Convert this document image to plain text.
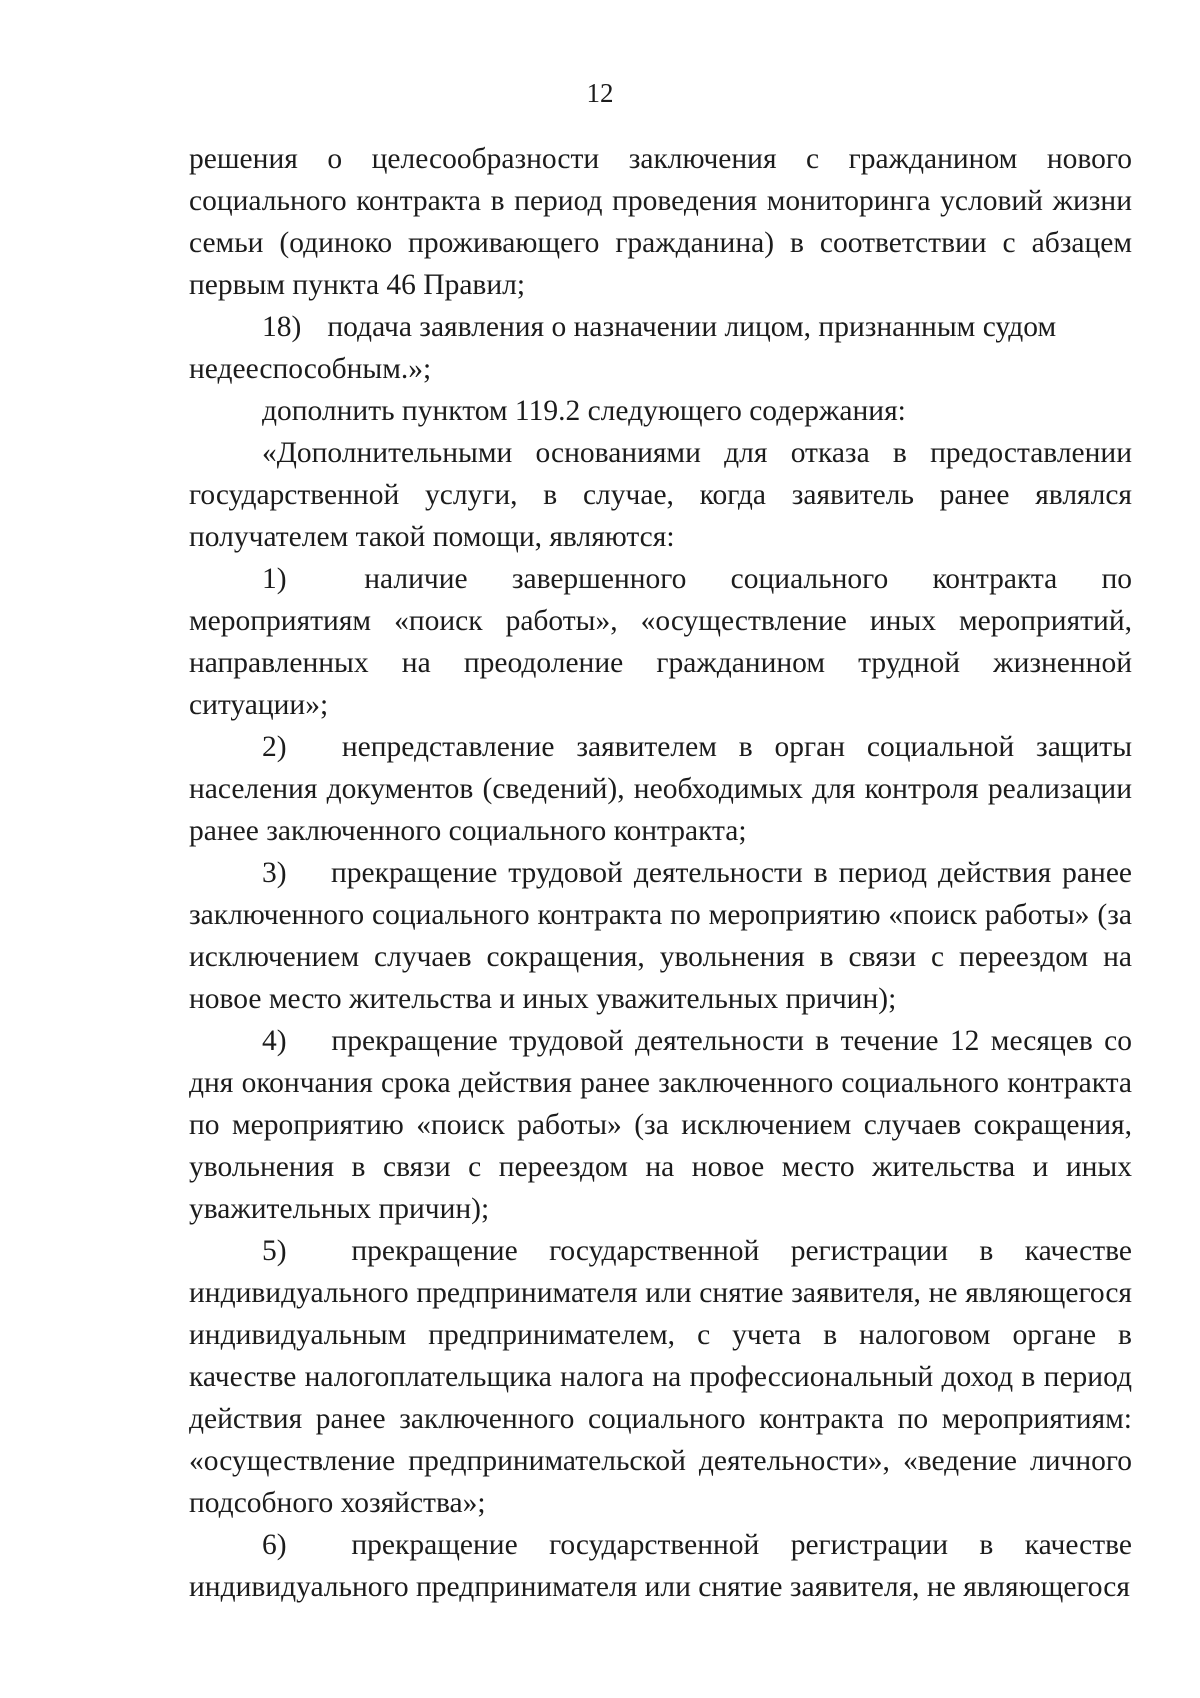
12

решения о целесообразности заключения с гражданином нового социального контракта в период проведения мониторинга условий жизни семьи (одиноко проживающего гражданина) в соответствии с абзацем первым пункта 46 Правил;

18) подача заявления о назначении лицом, признанным судом

недееспособным.»;

дополнить пунктом 119.2 следующего содержания:

«Дополнительными основаниями для отказа в предоставлении государственной услуги, в случае, когда заявитель ранее являлся получателем такой помощи, являются:

1)	наличие завершенного социального контракта по мероприятиям «поиск работы», «осуществление иных мероприятий, направленных на преодоление гражданином трудной жизненной ситуации»;

2) непредставление заявителем в орган социальной защиты населения документов (сведений), необходимых для контроля реализации ранее заключенного социального контракта;

3) прекращение трудовой деятельности в период действия ранее заключенного социального контракта по мероприятию «поиск работы» (за исключением случаев сокращения, увольнения в связи с переездом на новое место жительства и иных уважительных причин);

4) прекращение трудовой деятельности в течение 12 месяцев со дня окончания срока действия ранее заключенного социального контракта по мероприятию «поиск работы» (за исключением случаев сокращения, увольнения в связи с переездом на новое место жительства и иных уважительных причин);

5) прекращение государственной регистрации в качестве индивидуального предпринимателя или снятие заявителя, не являющегося индивидуальным предпринимателем, с учета в налоговом органе в качестве налогоплательщика налога на профессиональный доход в период действия ранее заключенного социального контракта по мероприятиям: «осуществление предпринимательской деятельности», «ведение личного подсобного хозяйства»;

6) прекращение государственной регистрации в качестве индивидуального предпринимателя или снятие заявителя, не являющегося
